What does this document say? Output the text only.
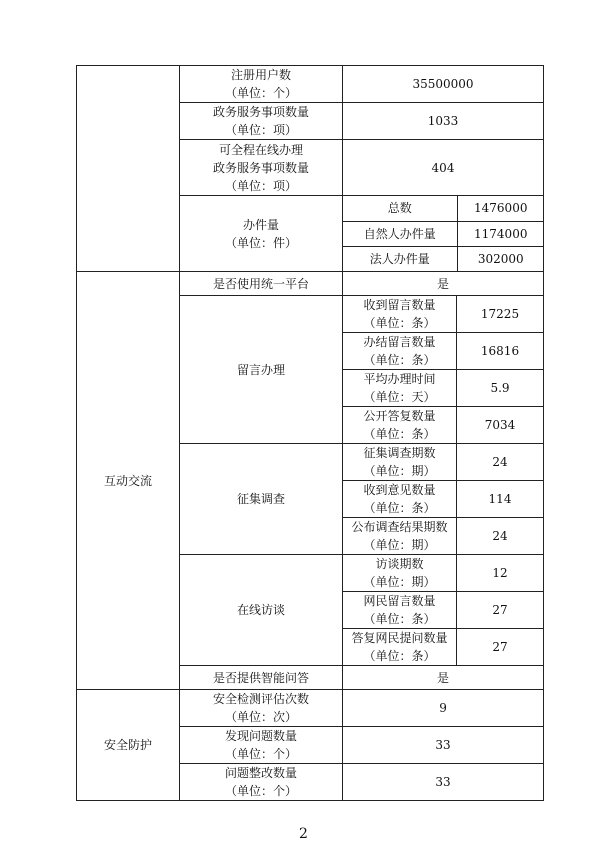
注册用户数
（单位：个）
	35500000

政务服务事项数量
（单位：项）
	1033

可全程在线办理
政务服务事项数量
（单位：项）
	404

办件量
（单位：件）

总数	1476000
自然人办件量	1174000
法人办件量	302000

互动交流	是否使用统一平台	是
留言办理	
收到留言数量
（单位：条）
	17225

办结留言数量
（单位：条）
	16816

平均办理时间
（单位：天）
	5.9

公开答复数量
（单位：条）
	7034
征集调查	
征集调查期数
（单位：期）
	24

收到意见数量
（单位：条）
	114

公布调查结果期数
（单位：期）
	24
在线访谈	
访谈期数
（单位：期）
	12

网民留言数量
（单位：条）
	27

答复网民提问数量
（单位：条）
	27
是否提供智能问答	是
安全防护	
安全检测评估次数
（单位：次）
	9

发现问题数量
（单位：个）
	33

问题整改数量
（单位：个）
	33
2
